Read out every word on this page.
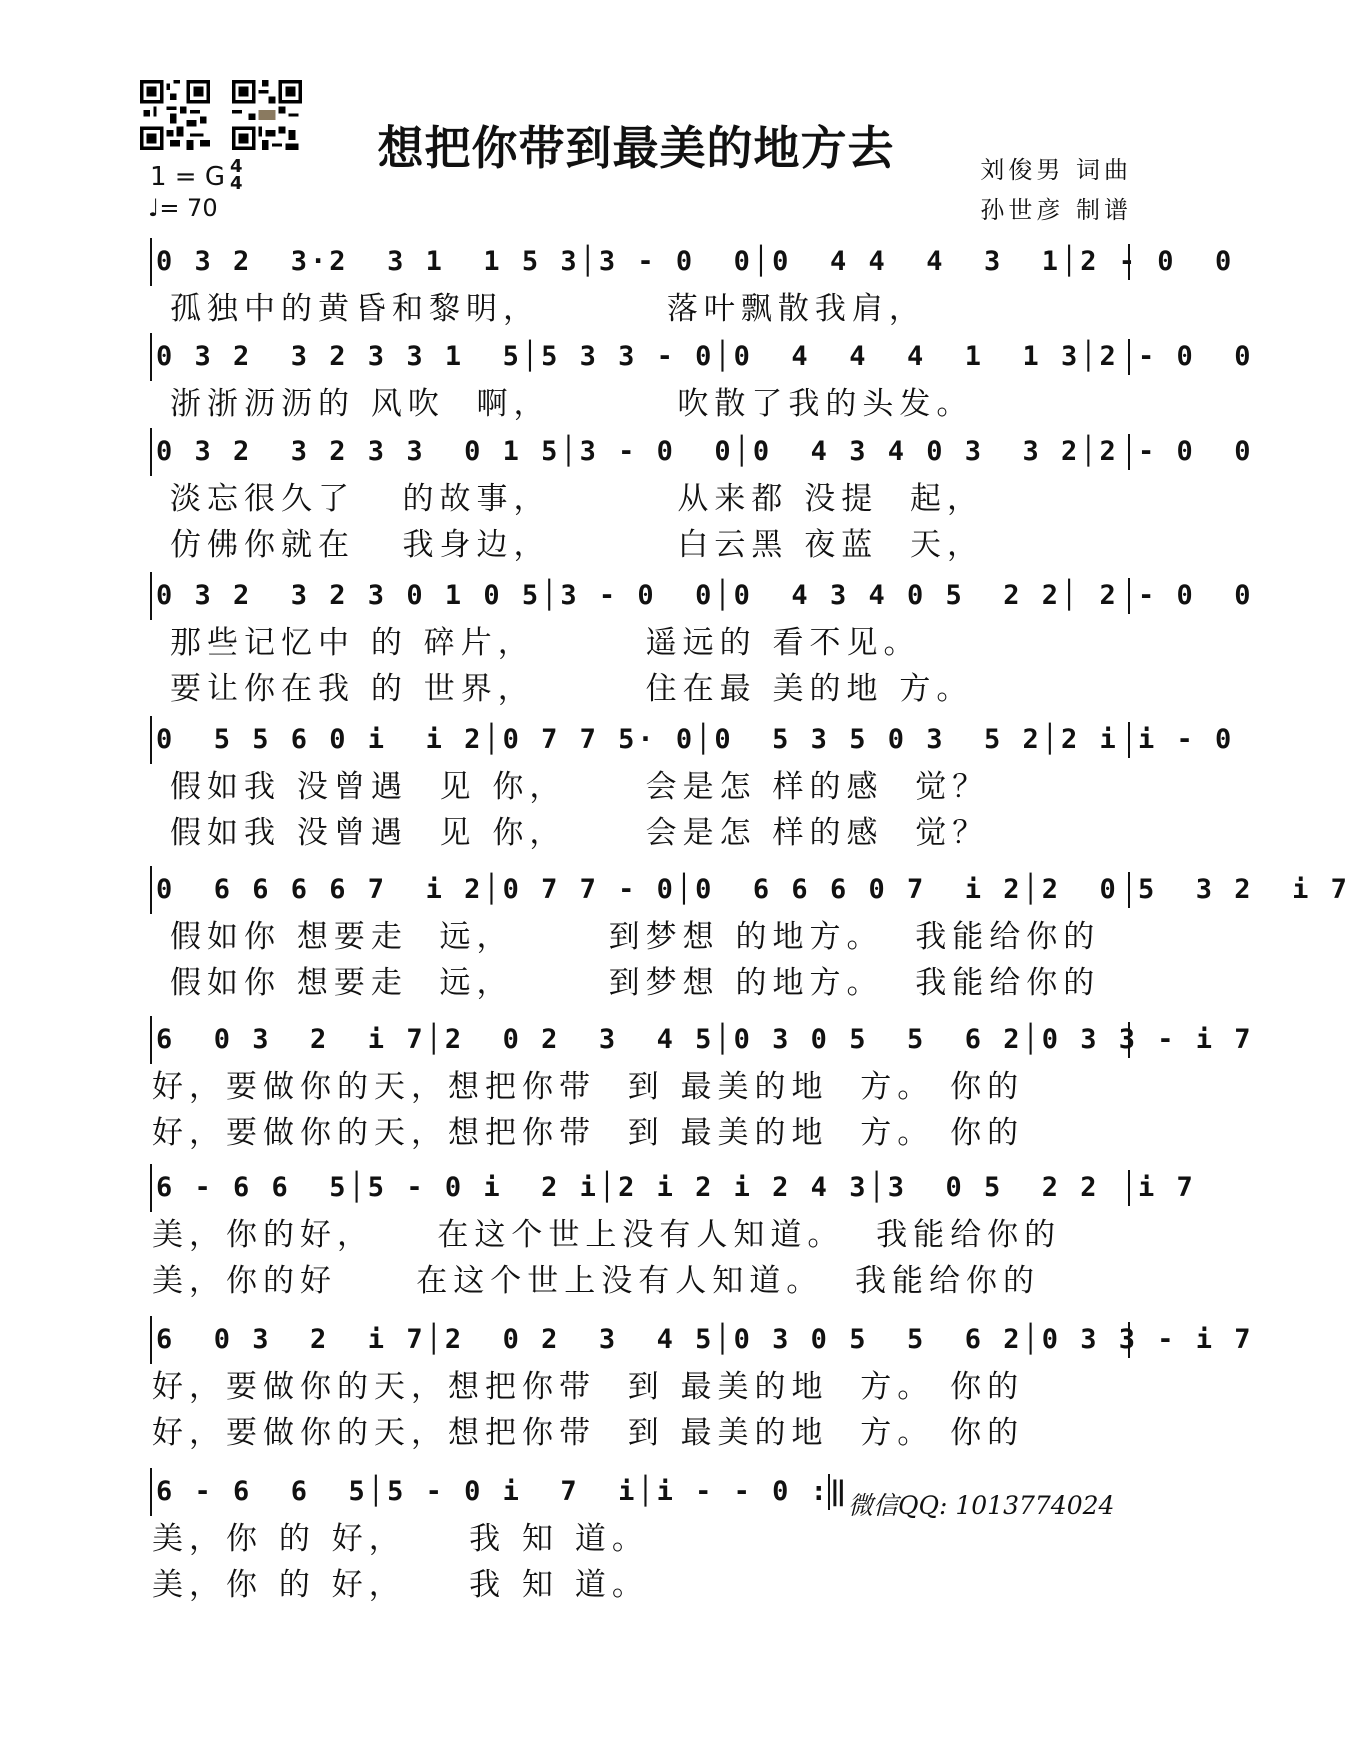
想把你带到最美的地方去	刘俊男 词曲
孙世彦 制谱
1 = G 4
4
♩= 70
0 3 2  3·2  3 1  1 5 3│3 - 0  0│0  4 4  4  3  1│2 - 0  0
孤独中的黄昏和黎明，        落叶飘散我肩，
0 3 2  3 2 3 3 1  5│5 3 3 - 0│0  4  4  4  1  1 3│2 - 0  0
浙浙沥沥的 风吹  啊，        吹散了我的头发。
0 3 2  3 2 3 3  0 1 5│3 - 0  0│0  4 3 4 0 3  3 2│2 - 0  0
淡忘很久了   的故事，        从来都 没提  起，
仿佛你就在   我身边，        白云黑 夜蓝  天，
0 3 2  3 2 3 0 1 0 5│3 - 0  0│0  4 3 4 0 5  2 2│ 2 - 0  0
那些记忆中 的 碎片，       遥远的 看不见。
要让你在我 的 世界，       住在最 美的地 方。
0  5 5 6 0 i  i 2│0 7 7 5· 0│0  5 3 5 0 3  5 2│2 i i - 0
假如我 没曾遇  见 你，     会是怎 样的感  觉？
假如我 没曾遇  见 你，     会是怎 样的感  觉？
0  6 6 6 6 7  i 2│0 7 7 - 0│0  6 6 6 0 7  i 2│2  0 5  3 2  i 7
假如你 想要走  远，      到梦想 的地方。  我能给你的
假如你 想要走  远，      到梦想 的地方。  我能给你的
6  0 3  2  i 7│2  0 2  3  4 5│0 3 0 5  5  6 2│0 3 3 - i 7
好，要做你的天，想把你带  到 最美的地  方。 你的
好，要做你的天，想把你带  到 最美的地  方。 你的
6 - 6 6  5│5 - 0 i  2 i│2 i 2 i 2 4 3│3  0 5  2 2  i 7
美，你的好，    在这个世上没有人知道。  我能给你的
美，你的好     在这个世上没有人知道。  我能给你的
6  0 3  2  i 7│2  0 2  3  4 5│0 3 0 5  5  6 2│0 3 3 - i 7
好，要做你的天，想把你带  到 最美的地  方。 你的
好，要做你的天，想把你带  到 最美的地  方。 你的
6 - 6  6  5│5 - 0 i  7  i│i - - 0 :‖
美，你 的 好，    我 知 道。
美，你 的 好，    我 知 道。
微信QQ: 1013774024
